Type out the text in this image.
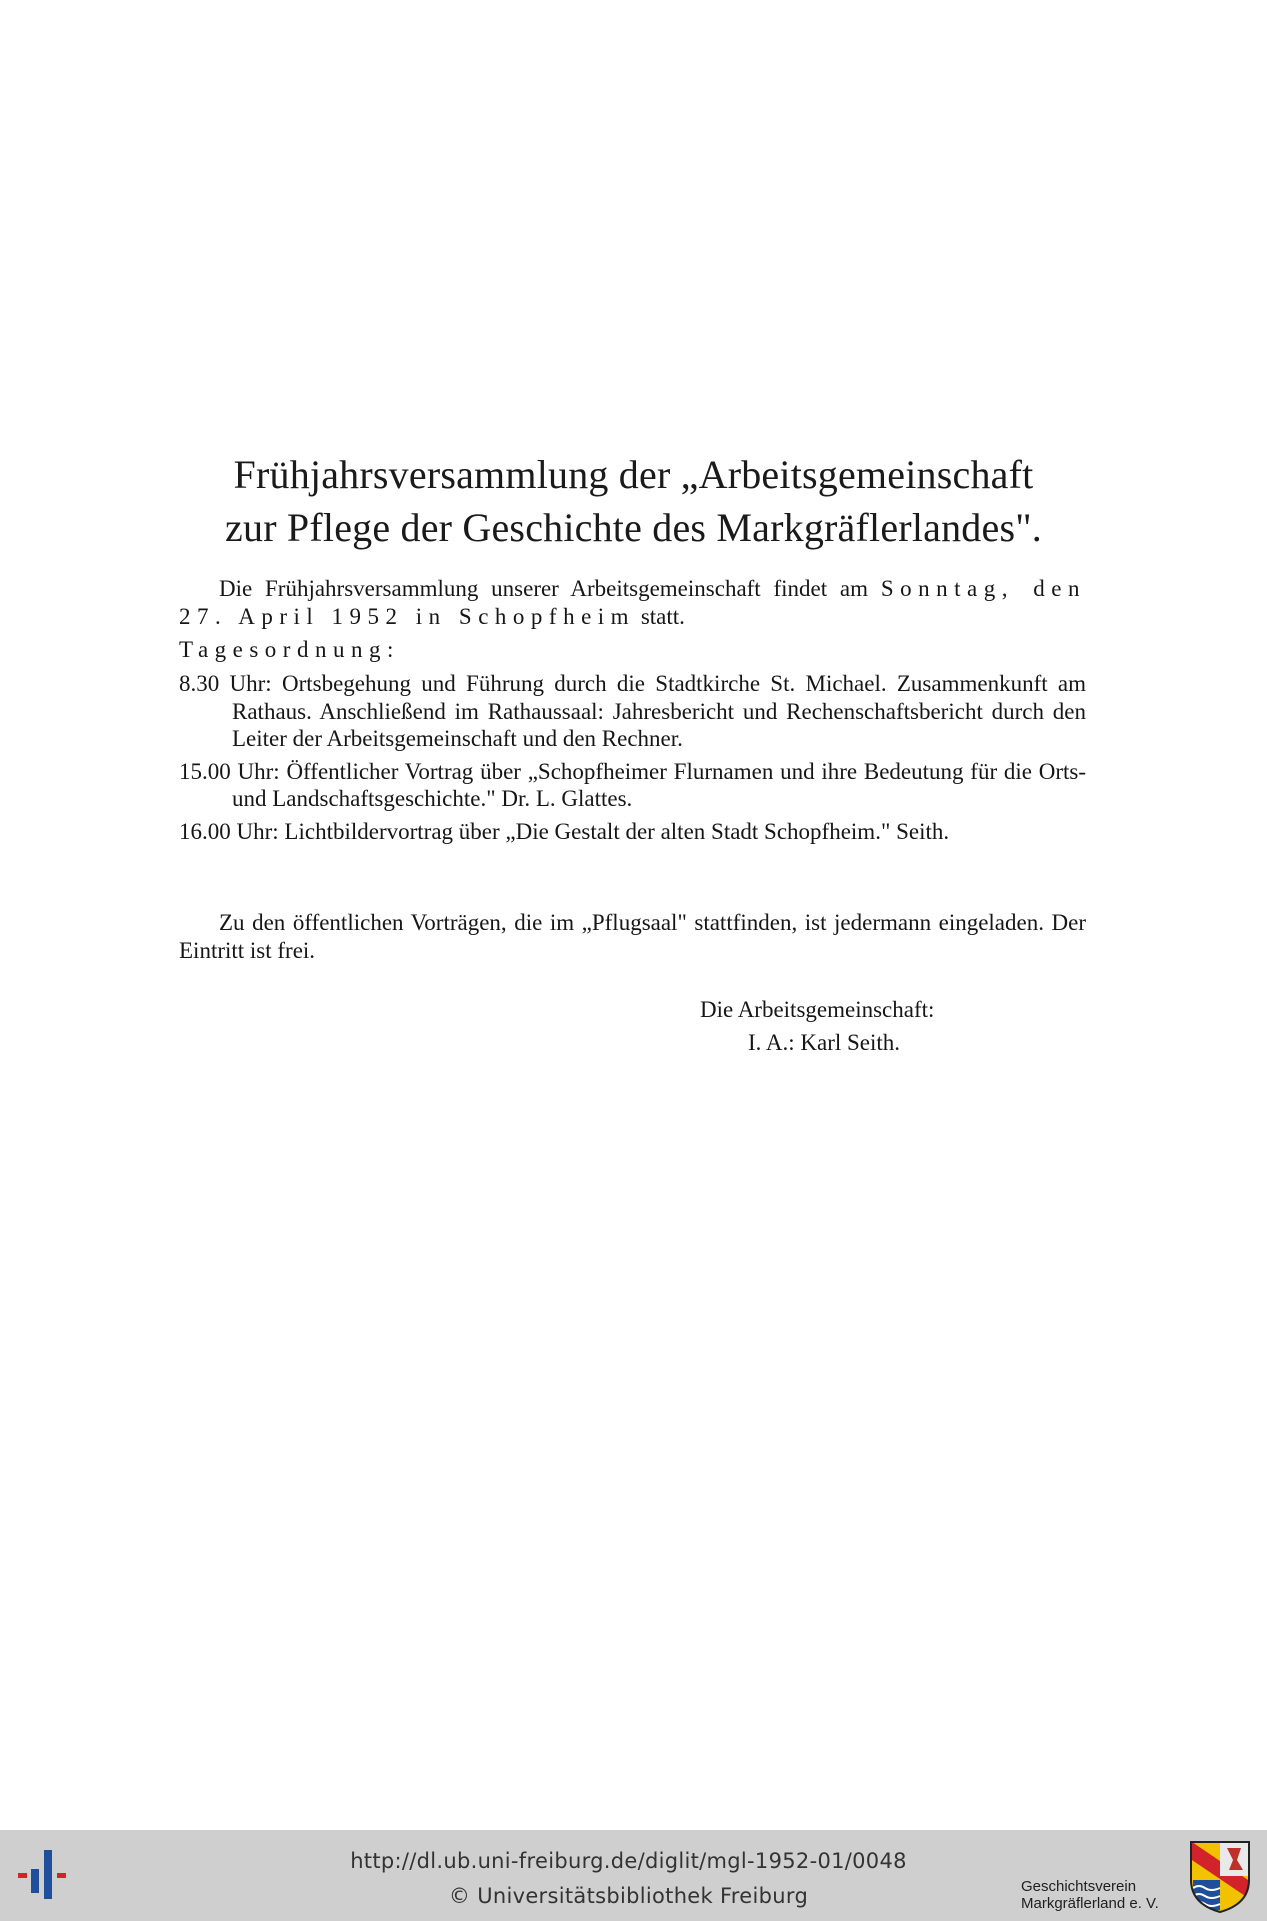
Frühjahrsversammlung der „Arbeitsgemeinschaft
zur Pflege der Geschichte des Markgräflerlandes".

Die Frühjahrsversammlung unserer Arbeitsgemeinschaft findet am Sonntag, den 27. April 1952 in Schopfheim statt.

Tagesordnung:

8.30 Uhr: Ortsbegehung und Führung durch die Stadtkirche St. Michael. Zusammenkunft am Rathaus. Anschließend im Rathaussaal: Jahresbericht und Rechenschaftsbericht durch den Leiter der Arbeitsgemeinschaft und den Rechner.

15.00 Uhr: Öffentlicher Vortrag über „Schopfheimer Flurnamen und ihre Bedeutung für die Orts- und Landschaftsgeschichte." Dr. L. Glattes.

16.00 Uhr: Lichtbildervortrag über „Die Gestalt der alten Stadt Schopfheim." Seith.

Zu den öffentlichen Vorträgen, die im „Pflugsaal" stattfinden, ist jedermann eingeladen. Der Eintritt ist frei.

Die Arbeitsgemeinschaft:
I. A.: Karl Seith.
http://dl.ub.uni-freiburg.de/diglit/mgl-1952-01/0048
© Universitätsbibliothek Freiburg	Geschichtsverein
Markgräflerland e. V.
